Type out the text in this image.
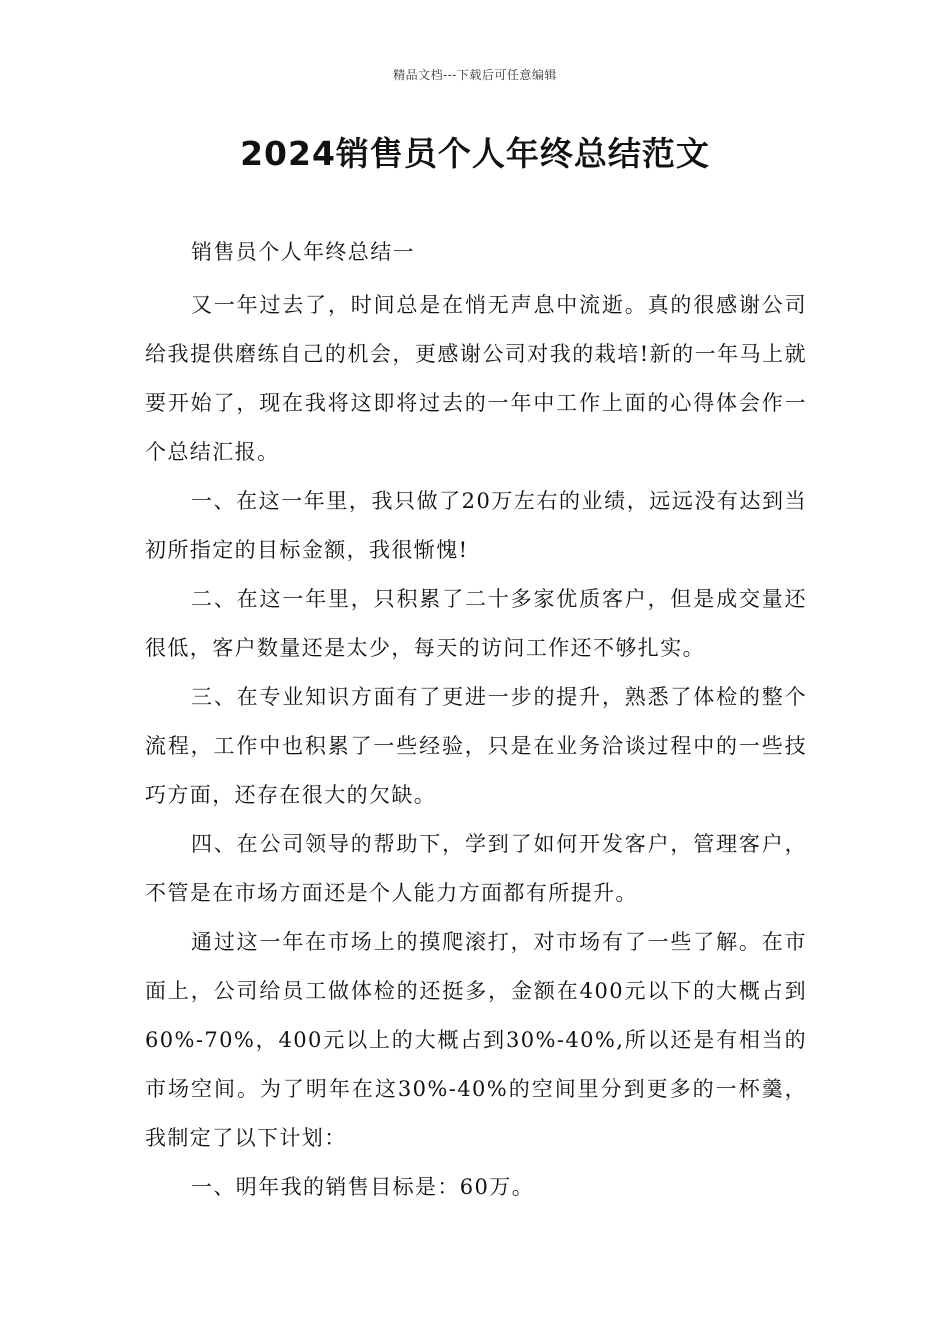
精品文档---下载后可任意编辑
2024销售员个人年终总结范文

销售员个人年终总结一

又一年过去了，时间总是在悄无声息中流逝。真的很感谢公司给我提供磨练自己的机会，更感谢公司对我的栽培!新的一年马上就要开始了，现在我将这即将过去的一年中工作上面的心得体会作一个总结汇报。

一、在这一年里，我只做了20万左右的业绩，远远没有达到当初所指定的目标金额，我很惭愧!

二、在这一年里，只积累了二十多家优质客户，但是成交量还很低，客户数量还是太少，每天的访问工作还不够扎实。

三、在专业知识方面有了更进一步的提升，熟悉了体检的整个流程，工作中也积累了一些经验，只是在业务洽谈过程中的一些技巧方面，还存在很大的欠缺。

四、在公司领导的帮助下，学到了如何开发客户，管理客户，不管是在市场方面还是个人能力方面都有所提升。

通过这一年在市场上的摸爬滚打，对市场有了一些了解。在市面上，公司给员工做体检的还挺多，金额在400元以下的大概占到60%-70%，400元以上的大概占到30%-40%,所以还是有相当的市场空间。为了明年在这30%-40%的空间里分到更多的一杯羹，我制定了以下计划：

一、明年我的销售目标是：60万。
